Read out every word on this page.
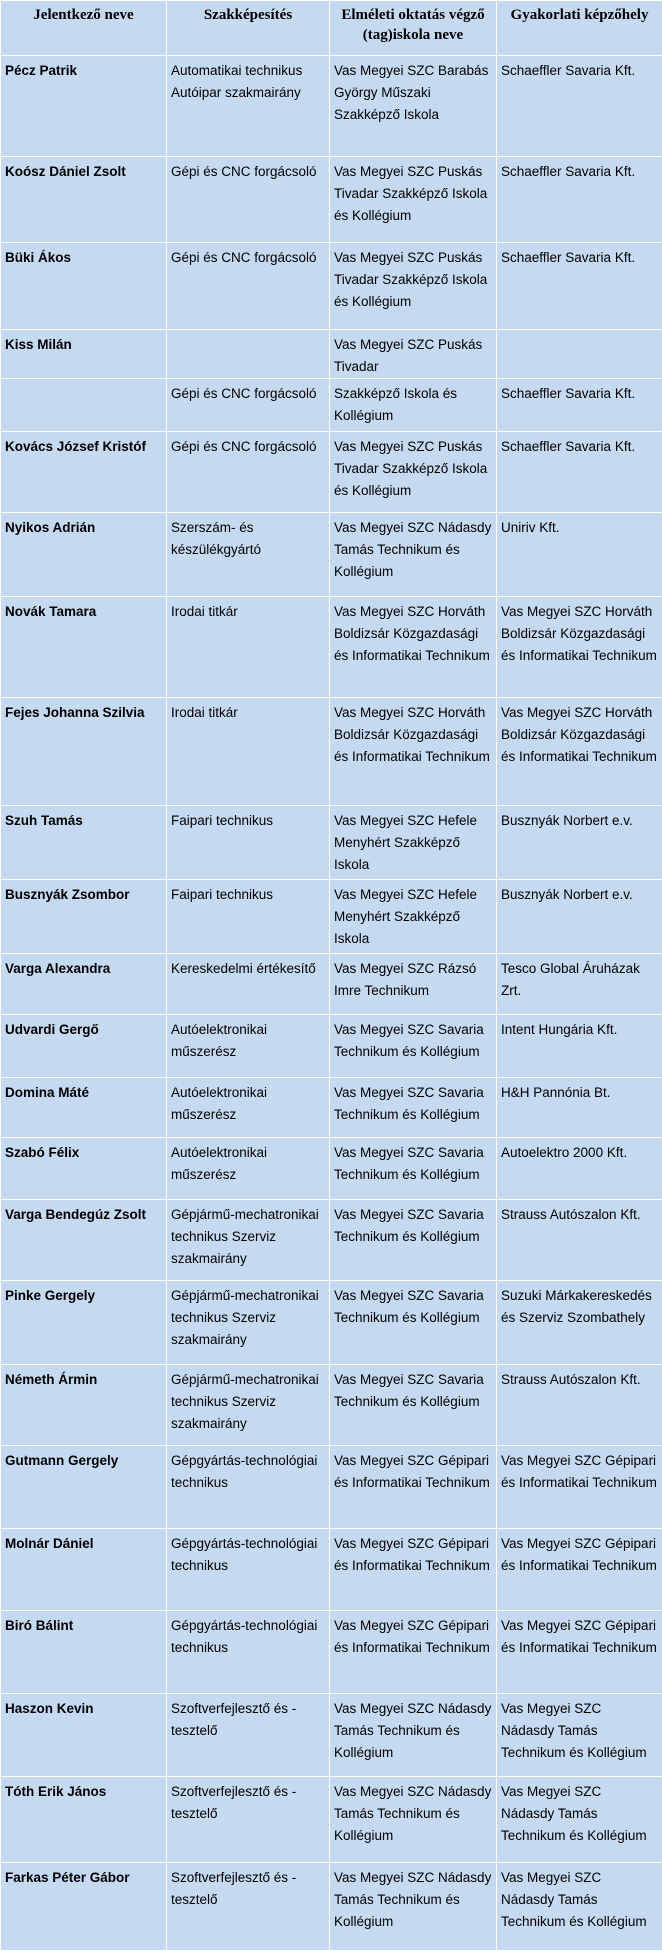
Jelentkező neve	Szakképesítés	Elméleti oktatás végző (tag)iskola neve	Gyakorlati képzőhely
Pécz Patrik	Automatikai technikus Autóipar szakmairány	Vas Megyei SZC Barabás György Műszaki Szakképző Iskola	Schaeffler Savaria Kft.
Koósz Dániel Zsolt	Gépi és CNC forgácsoló	Vas Megyei SZC Puskás Tivadar Szakképző Iskola és Kollégium	Schaeffler Savaria Kft.
Büki Ákos	Gépi és CNC forgácsoló	Vas Megyei SZC Puskás Tivadar Szakképző Iskola és Kollégium	Schaeffler Savaria Kft.
Kiss Milán		Vas Megyei SZC Puskás Tivadar	
	Gépi és CNC forgácsoló	Szakképző Iskola és Kollégium	Schaeffler Savaria Kft.
Kovács József Kristóf	Gépi és CNC forgácsoló	Vas Megyei SZC Puskás Tivadar Szakképző Iskola és Kollégium	Schaeffler Savaria Kft.
Nyikos Adrián	Szerszám- és készülékgyártó	Vas Megyei SZC Nádasdy Tamás Technikum és Kollégium	Uniriv Kft.
Novák Tamara	Irodai titkár	Vas Megyei SZC Horváth Boldizsár Közgazdasági és Informatikai Technikum	Vas Megyei SZC Horváth Boldizsár Közgazdasági és Informatikai Technikum
Fejes Johanna Szilvia	Irodai titkár	Vas Megyei SZC Horváth Boldizsár Közgazdasági és Informatikai Technikum	Vas Megyei SZC Horváth Boldizsár Közgazdasági és Informatikai Technikum
Szuh Tamás	Faipari technikus	Vas Megyei SZC Hefele Menyhért Szakképző Iskola	Busznyák Norbert e.v.
Busznyák Zsombor	Faipari technikus	Vas Megyei SZC Hefele Menyhért Szakképző Iskola	Busznyák Norbert e.v.
Varga Alexandra	Kereskedelmi értékesítő	Vas Megyei SZC Rázsó Imre Technikum	Tesco Global Áruházak Zrt.
Udvardi Gergő	Autóelektronikai műszerész	Vas Megyei SZC Savaria Technikum és Kollégium	Intent Hungária Kft.
Domina Máté	Autóelektronikai műszerész	Vas Megyei SZC Savaria Technikum és Kollégium	H&H Pannónia Bt.
Szabó Félix	Autóelektronikai műszerész	Vas Megyei SZC Savaria Technikum és Kollégium	Autoelektro 2000 Kft.
Varga Bendegúz Zsolt	Gépjármű-mechatronikai technikus Szerviz szakmairány	Vas Megyei SZC Savaria Technikum és Kollégium	Strauss Autószalon Kft.
Pinke Gergely	Gépjármű-mechatronikai technikus Szerviz szakmairány	Vas Megyei SZC Savaria Technikum és Kollégium	Suzuki Márkakereskedés és Szerviz Szombathely
Németh Ármin	Gépjármű-mechatronikai technikus Szerviz szakmairány	Vas Megyei SZC Savaria Technikum és Kollégium	Strauss Autószalon Kft.
Gutmann Gergely	Gépgyártás-technológiai technikus	Vas Megyei SZC Gépipari és Informatikai Technikum	Vas Megyei SZC Gépipari és Informatikai Technikum
Molnár Dániel	Gépgyártás-technológiai technikus	Vas Megyei SZC Gépipari és Informatikai Technikum	Vas Megyei SZC Gépipari és Informatikai Technikum
Biró Bálint	Gépgyártás-technológiai technikus	Vas Megyei SZC Gépipari és Informatikai Technikum	Vas Megyei SZC Gépipari és Informatikai Technikum
Haszon Kevin	Szoftverfejlesztő és -tesztelő	Vas Megyei SZC Nádasdy Tamás Technikum és Kollégium	Vas Megyei SZC Nádasdy Tamás Technikum és Kollégium
Tóth Erik János	Szoftverfejlesztő és -tesztelő	Vas Megyei SZC Nádasdy Tamás Technikum és Kollégium	Vas Megyei SZC Nádasdy Tamás Technikum és Kollégium
Farkas Péter Gábor	Szoftverfejlesztő és -tesztelő	Vas Megyei SZC Nádasdy Tamás Technikum és Kollégium	Vas Megyei SZC Nádasdy Tamás Technikum és Kollégium
